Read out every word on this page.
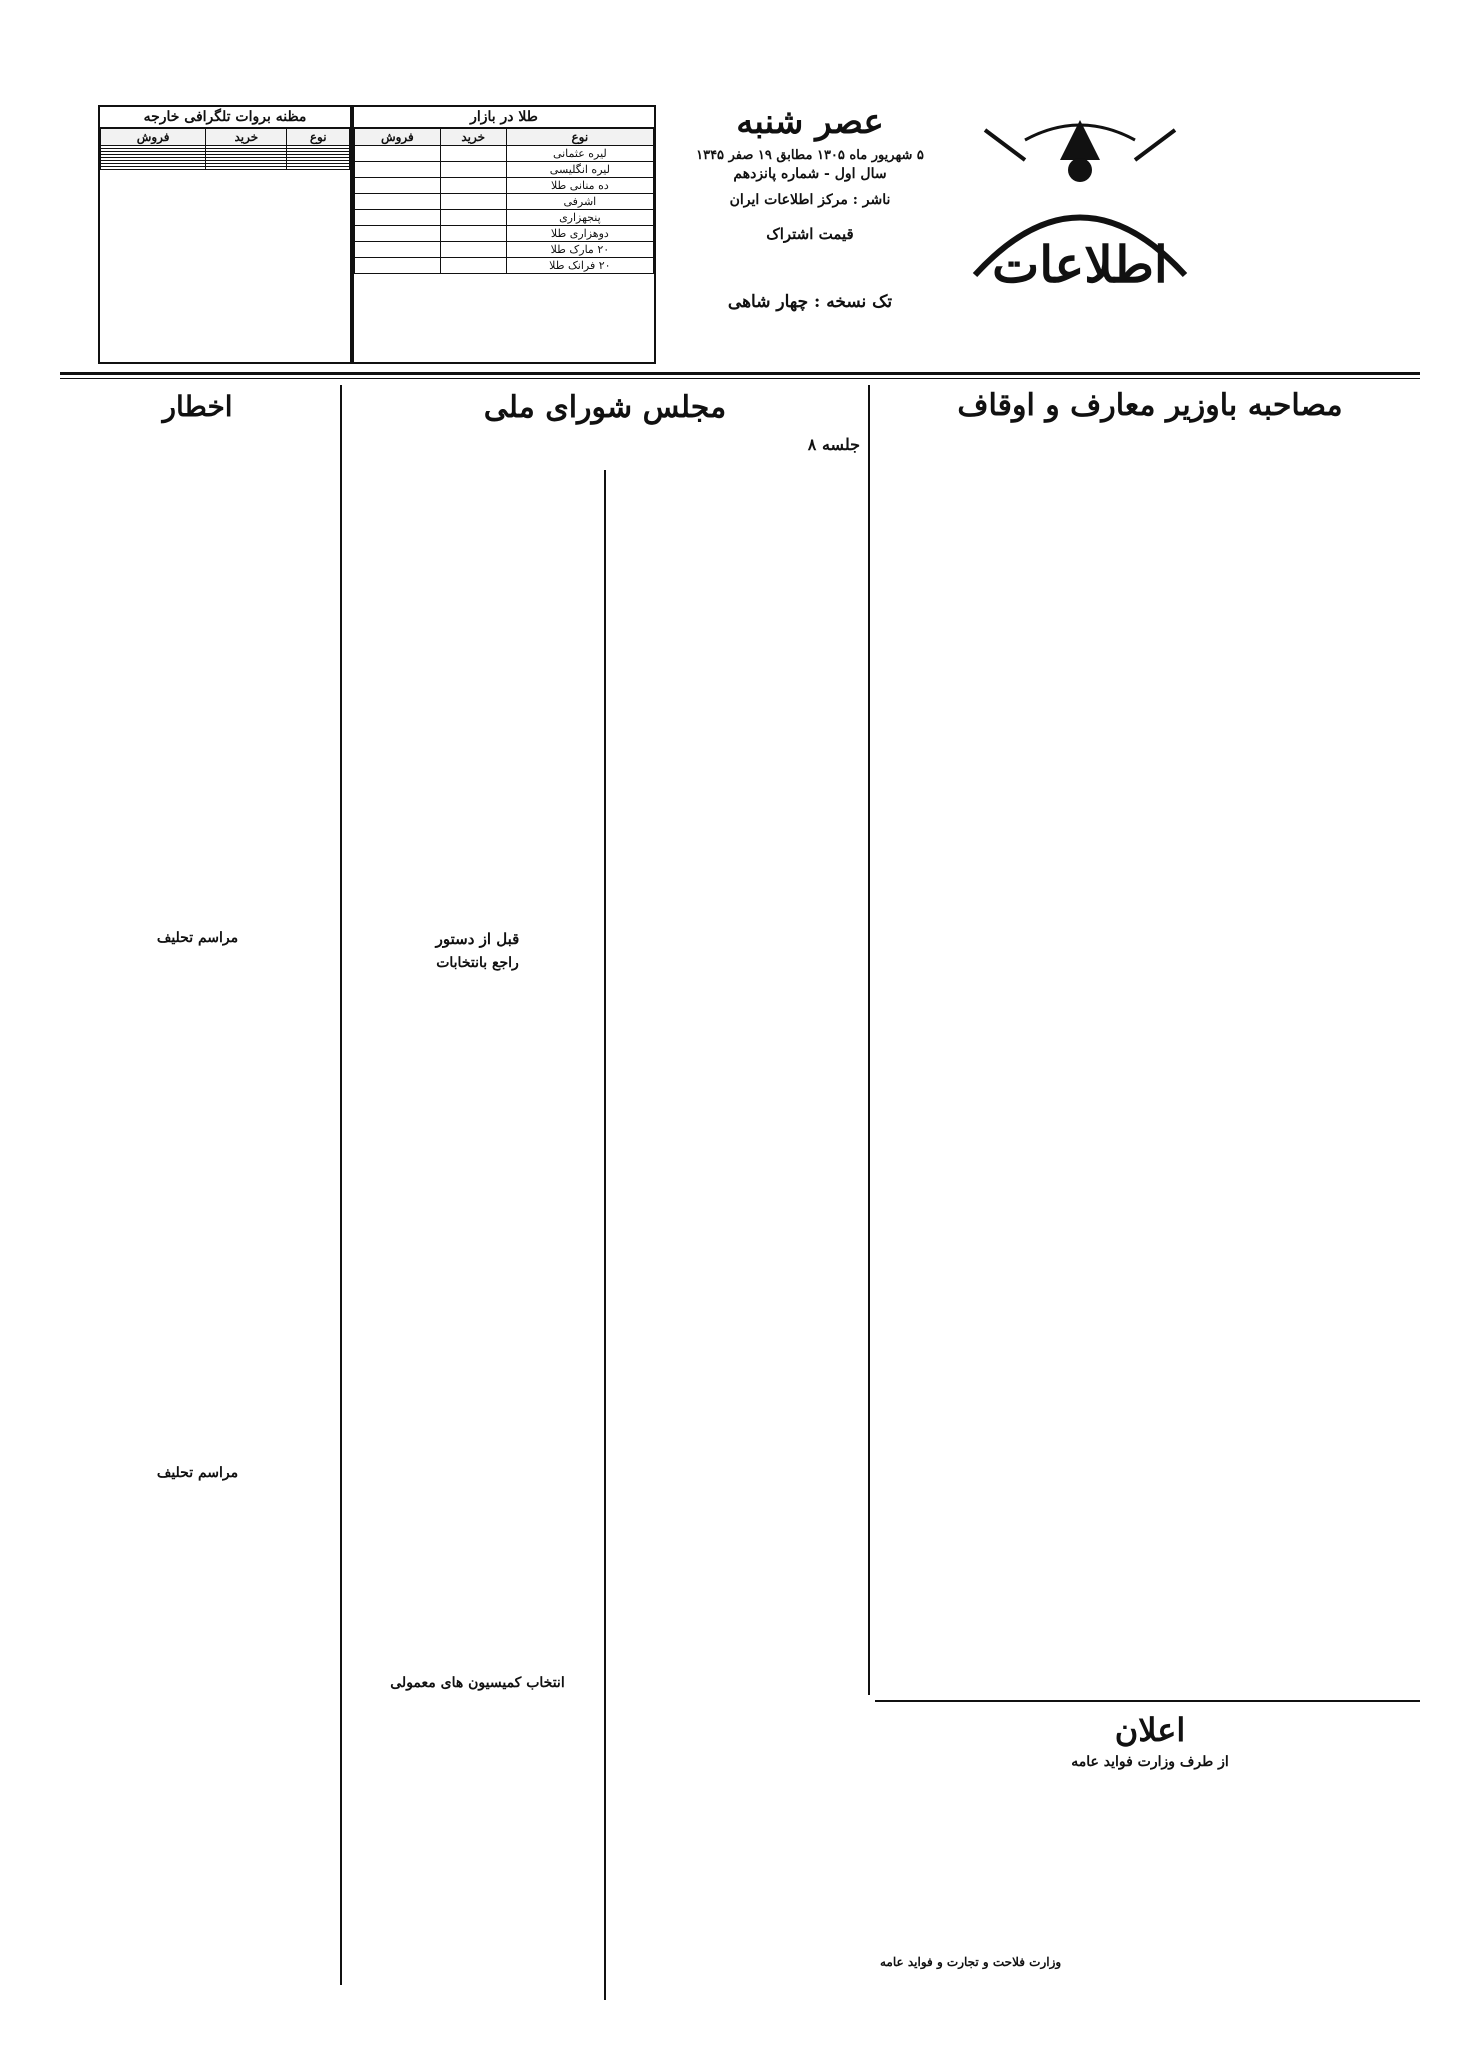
اطلاعات
عصر شنبه
۵ شهریور ماه ۱۳۰۵ مطابق ۱۹ صفر ۱۳۴۵
سال اول - شماره پانزدهم
ناشر : مرکز اطلاعات ایران
قیمت اشتراک
تک نسخه : چهار شاهی
طلا در بازار
نوع	خرید	فروش
لیره عثمانی		
لیره انگلیسی		
ده منانی طلا		
اشرفی		
پنجهزاری		
دوهزاری طلا		
۲۰ مارک طلا		
۲۰ فرانک طلا		
مظنه بروات تلگرافی خارجه
نوع	خرید	فروش

مصاحبه باوزیر معارف و اوقاف
مجلس شورای ملی
جلسه ۸
قبل از دستور
راجع بانتخابات
انتخاب کمیسیون های معمولی
اخطار
مراسم تحلیف
مراسم تحلیف
اعلان
از طرف وزارت فواید عامه
وزارت فلاحت و تجارت و فواید عامه
